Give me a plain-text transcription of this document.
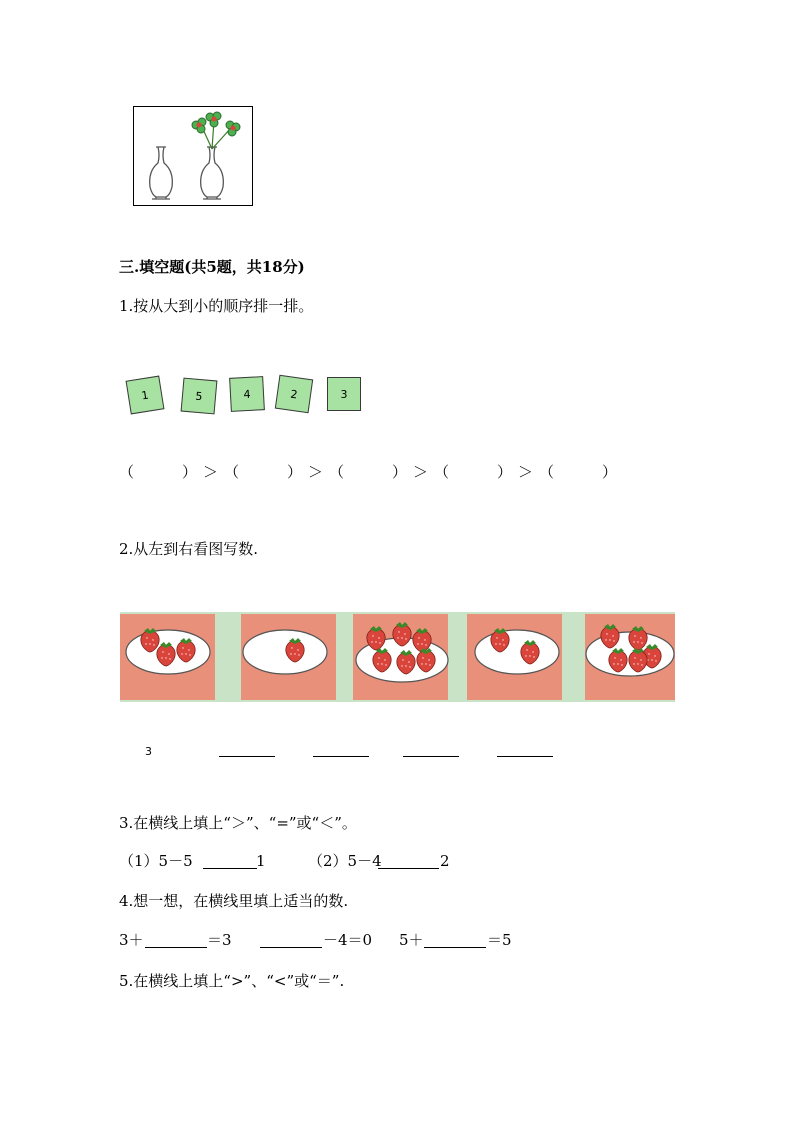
三.填空题(共5题，共18分)
1.按从大到小的顺序排一排。
1	5	4	2	3
（　　）＞（　　）＞（　　）＞（　　）＞（　　）
2.从左到右看图写数.
3
3.在横线上填上“＞”、“=”或“＜”。
（1）5－5	1	（2）5－4	2
4.想一想，在横线里填上适当的数.
3＋	＝3	－4＝0 5＋	＝5
5.在横线上填上“>”、“<”或“＝”.
